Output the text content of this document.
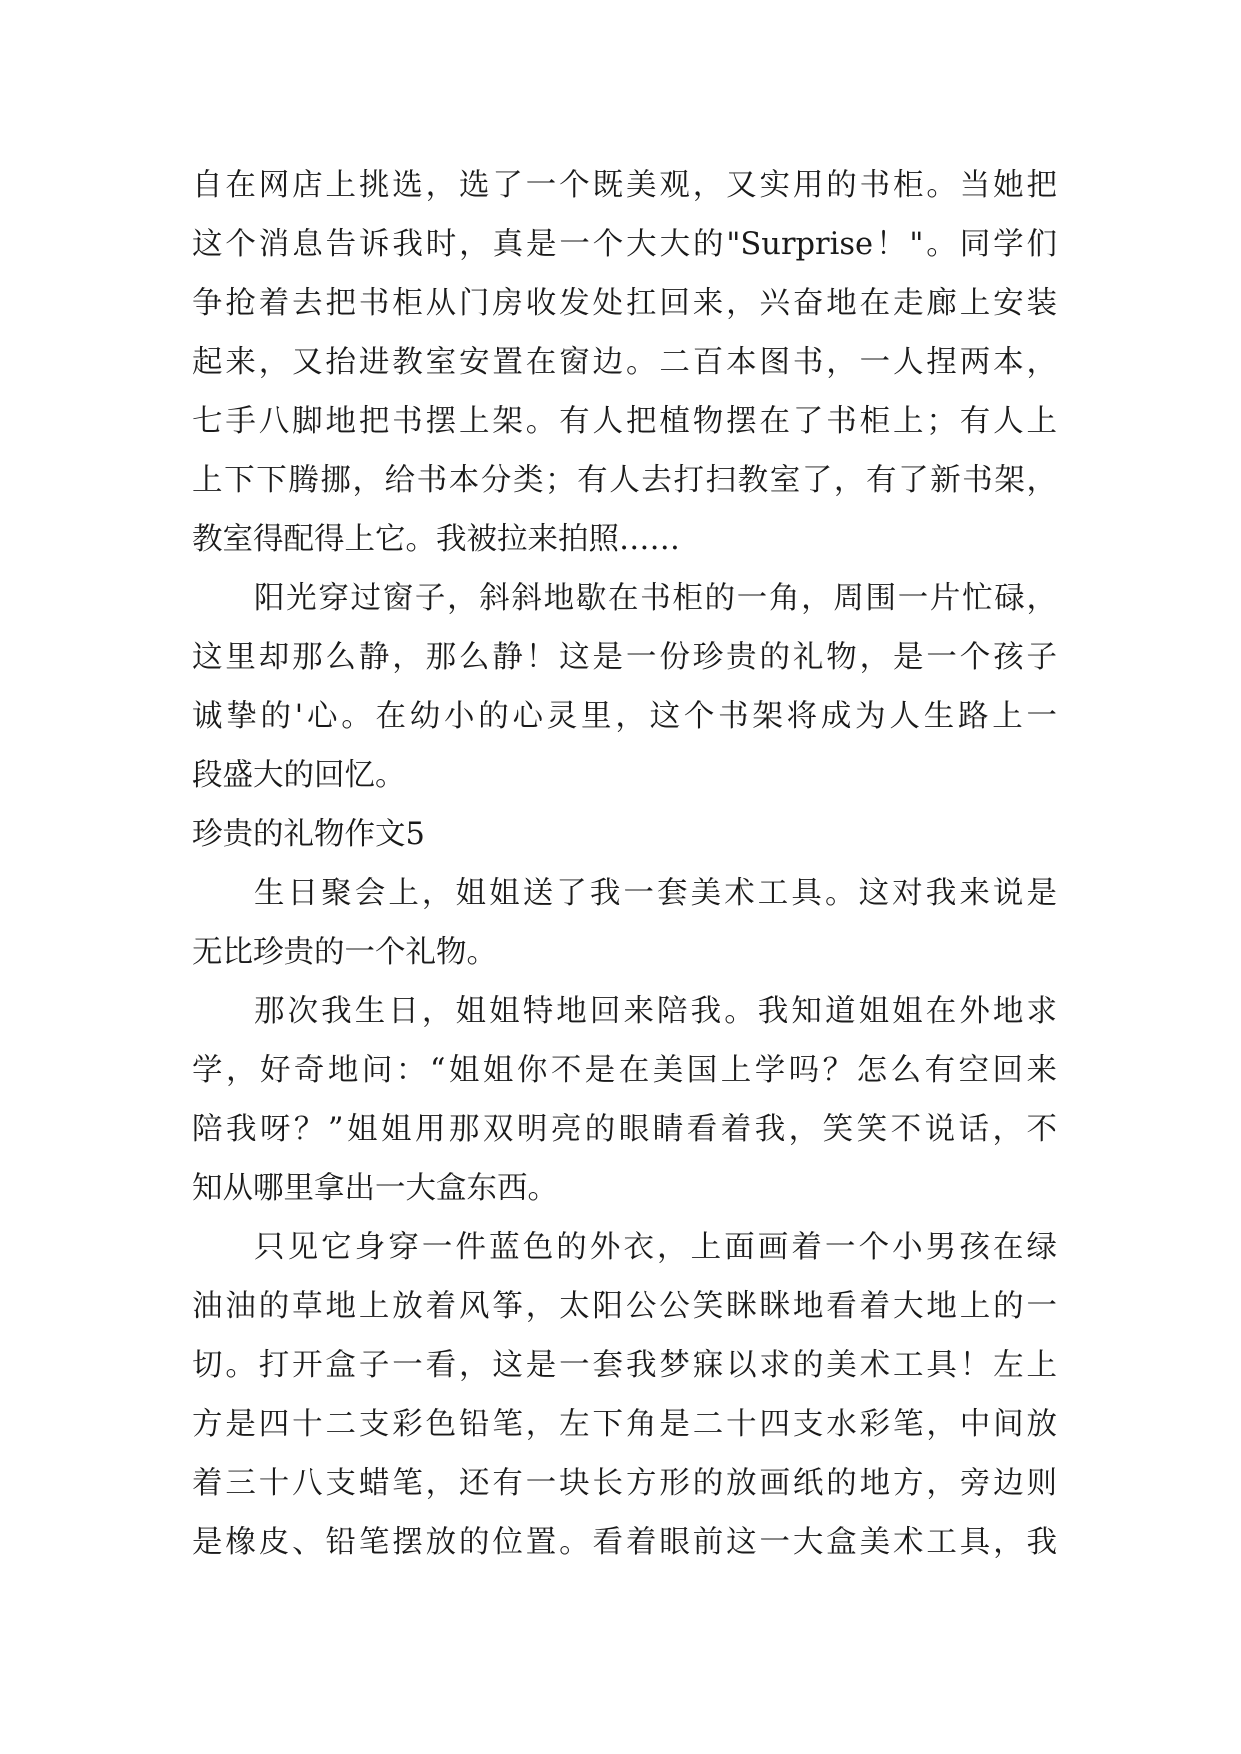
自在网店上挑选，选了一个既美观，又实用的书柜。当她把
这个消息告诉我时，真是一个大大的"Surprise！"。同学们
争抢着去把书柜从门房收发处扛回来，兴奋地在走廊上安装
起来，又抬进教室安置在窗边。二百本图书，一人捏两本，
七手八脚地把书摆上架。有人把植物摆在了书柜上；有人上
上下下腾挪，给书本分类；有人去打扫教室了，有了新书架，
教室得配得上它。我被拉来拍照……
阳光穿过窗子，斜斜地歇在书柜的一角，周围一片忙碌，
这里却那么静，那么静！这是一份珍贵的礼物，是一个孩子
诚挚的'心。在幼小的心灵里，这个书架将成为人生路上一
段盛大的回忆。
珍贵的礼物作文5
生日聚会上，姐姐送了我一套美术工具。这对我来说是
无比珍贵的一个礼物。
那次我生日，姐姐特地回来陪我。我知道姐姐在外地求
学，好奇地问：“姐姐你不是在美国上学吗？怎么有空回来
陪我呀？”姐姐用那双明亮的眼睛看着我，笑笑不说话，不
知从哪里拿出一大盒东西。
只见它身穿一件蓝色的外衣，上面画着一个小男孩在绿
油油的草地上放着风筝，太阳公公笑眯眯地看着大地上的一
切。打开盒子一看，这是一套我梦寐以求的美术工具！左上
方是四十二支彩色铅笔，左下角是二十四支水彩笔，中间放
着三十八支蜡笔，还有一块长方形的放画纸的地方，旁边则
是橡皮、铅笔摆放的位置。看着眼前这一大盒美术工具，我
